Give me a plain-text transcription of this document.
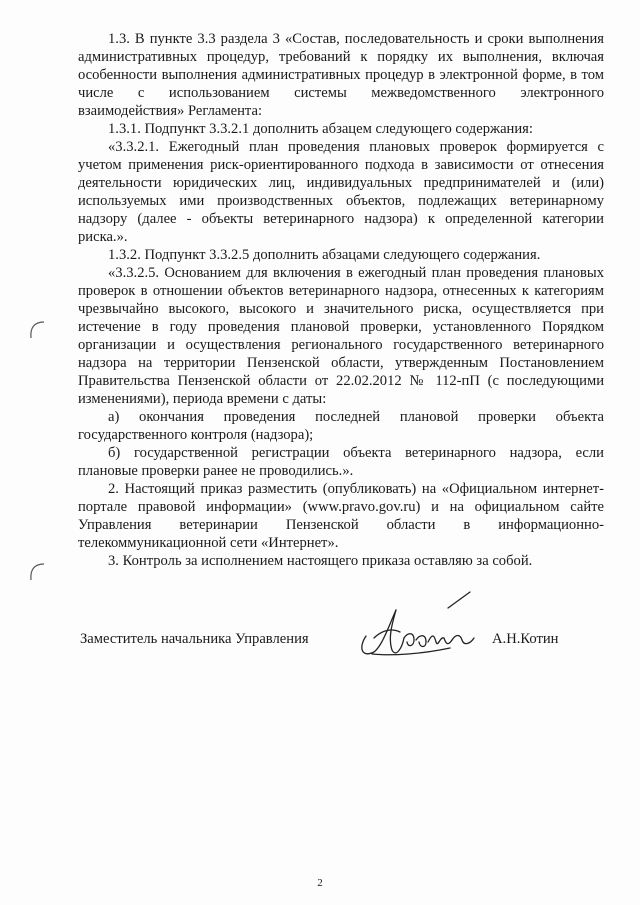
1.3. В пункте 3.3 раздела 3 «Состав, последовательность и сроки выполнения административных процедур, требований к порядку их выполнения, включая особенности выполнения административных процедур в электронной форме, в том числе с использованием системы межведомственного электронного взаимодействия» Регламента:

1.3.1. Подпункт 3.3.2.1 дополнить абзацем следующего содержания:

«3.3.2.1. Ежегодный план проведения плановых проверок формируется с учетом применения риск-ориентированного подхода в зависимости от отнесения деятельности юридических лиц, индивидуальных предпринимателей и (или) используемых ими производственных объектов, подлежащих ветеринарному надзору (далее - объекты ветеринарного надзора) к определенной категории риска.».

1.3.2. Подпункт 3.3.2.5 дополнить абзацами следующего содержания.

«3.3.2.5. Основанием для включения в ежегодный план проведения плановых проверок в отношении объектов ветеринарного надзора, отнесенных к категориям чрезвычайно высокого, высокого и значительного риска, осуществляется при истечение в году проведения плановой проверки, установленного Порядком организации и осуществления регионального государственного ветеринарного надзора на территории Пензенской области, утвержденным Постановлением Правительства Пензенской области от 22.02.2012 № 112-пП (с последующими изменениями), периода времени с даты:

а) окончания проведения последней плановой проверки объекта государственного контроля (надзора);

б) государственной регистрации объекта ветеринарного надзора, если плановые проверки ранее не проводились.».

2. Настоящий приказ разместить (опубликовать) на «Официальном интернет-портале правовой информации» (www.pravo.gov.ru) и на официальном сайте Управления ветеринарии Пензенской области в информационно-телекоммуникационной сети «Интернет».

3. Контроль за исполнением настоящего приказа оставляю за собой.

Заместитель начальника Управления	А.Н.Котин
2
